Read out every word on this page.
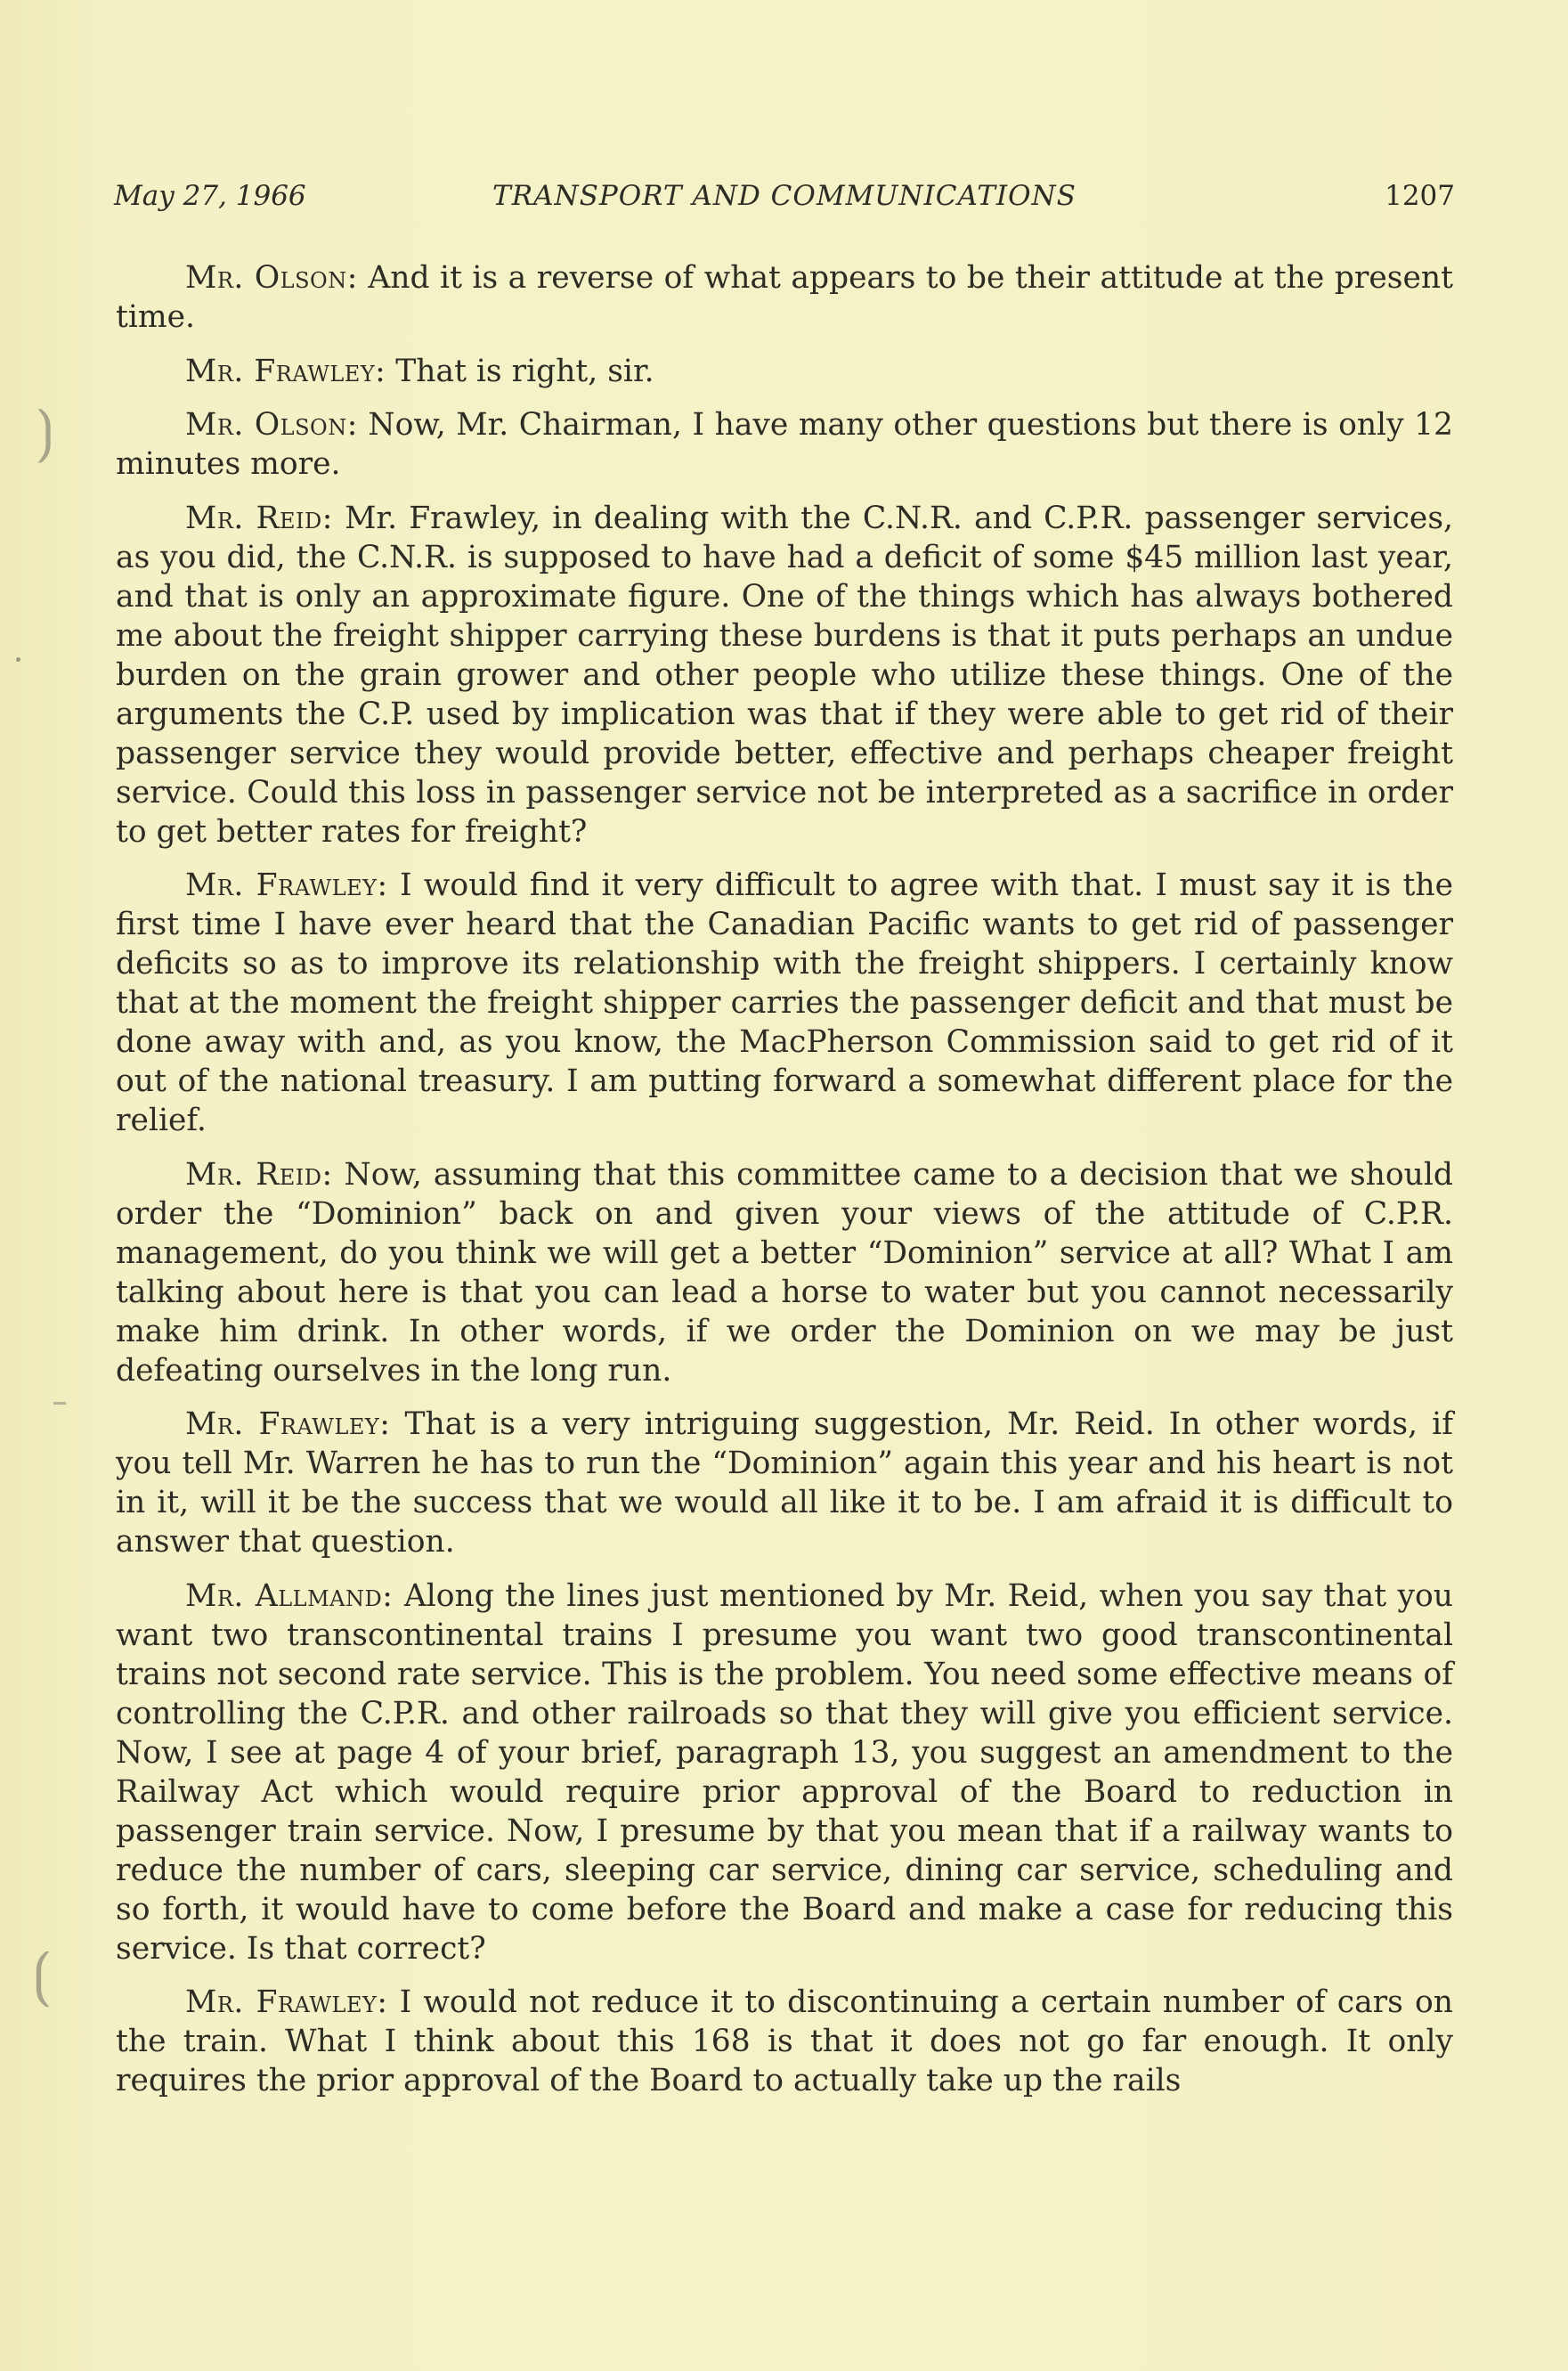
May 27, 1966	TRANSPORT AND COMMUNICATIONS	1207

Mr. Olson: And it is a reverse of what appears to be their attitude at the present time.

Mr. Frawley: That is right, sir.

Mr. Olson: Now, Mr. Chairman, I have many other questions but there is only 12 minutes more.

Mr. Reid: Mr. Frawley, in dealing with the C.N.R. and C.P.R. passenger services, as you did, the C.N.R. is supposed to have had a deficit of some $45 million last year, and that is only an approximate figure. One of the things which has always bothered me about the freight shipper carrying these burdens is that it puts perhaps an undue burden on the grain grower and other people who utilize these things. One of the arguments the C.P. used by implication was that if they were able to get rid of their passenger service they would provide better, effective and perhaps cheaper freight service. Could this loss in passenger service not be interpreted as a sacrifice in order to get better rates for freight?

Mr. Frawley: I would find it very difficult to agree with that. I must say it is the first time I have ever heard that the Canadian Pacific wants to get rid of passenger deficits so as to improve its relationship with the freight shippers. I certainly know that at the moment the freight shipper carries the passenger deficit and that must be done away with and, as you know, the MacPherson Commission said to get rid of it out of the national treasury. I am putting forward a somewhat different place for the relief.

Mr. Reid: Now, assuming that this committee came to a decision that we should order the “Dominion” back on and given your views of the attitude of C.P.R. management, do you think we will get a better “Dominion” service at all? What I am talking about here is that you can lead a horse to water but you cannot necessarily make him drink. In other words, if we order the Dominion on we may be just defeating ourselves in the long run.

Mr. Frawley: That is a very intriguing suggestion, Mr. Reid. In other words, if you tell Mr. Warren he has to run the “Dominion” again this year and his heart is not in it, will it be the success that we would all like it to be. I am afraid it is difficult to answer that question.

Mr. Allmand: Along the lines just mentioned by Mr. Reid, when you say that you want two transcontinental trains I presume you want two good transcontinental trains not second rate service. This is the problem. You need some effective means of controlling the C.P.R. and other railroads so that they will give you efficient service. Now, I see at page 4 of your brief, paragraph 13, you suggest an amendment to the Railway Act which would require prior approval of the Board to reduction in passenger train service. Now, I presume by that you mean that if a railway wants to reduce the number of cars, sleeping car service, dining car service, scheduling and so forth, it would have to come before the Board and make a case for reducing this service. Is that correct?

Mr. Frawley: I would not reduce it to discontinuing a certain number of cars on the train. What I think about this 168 is that it does not go far enough. It only requires the prior approval of the Board to actually take up the rails

⟯
⟮
